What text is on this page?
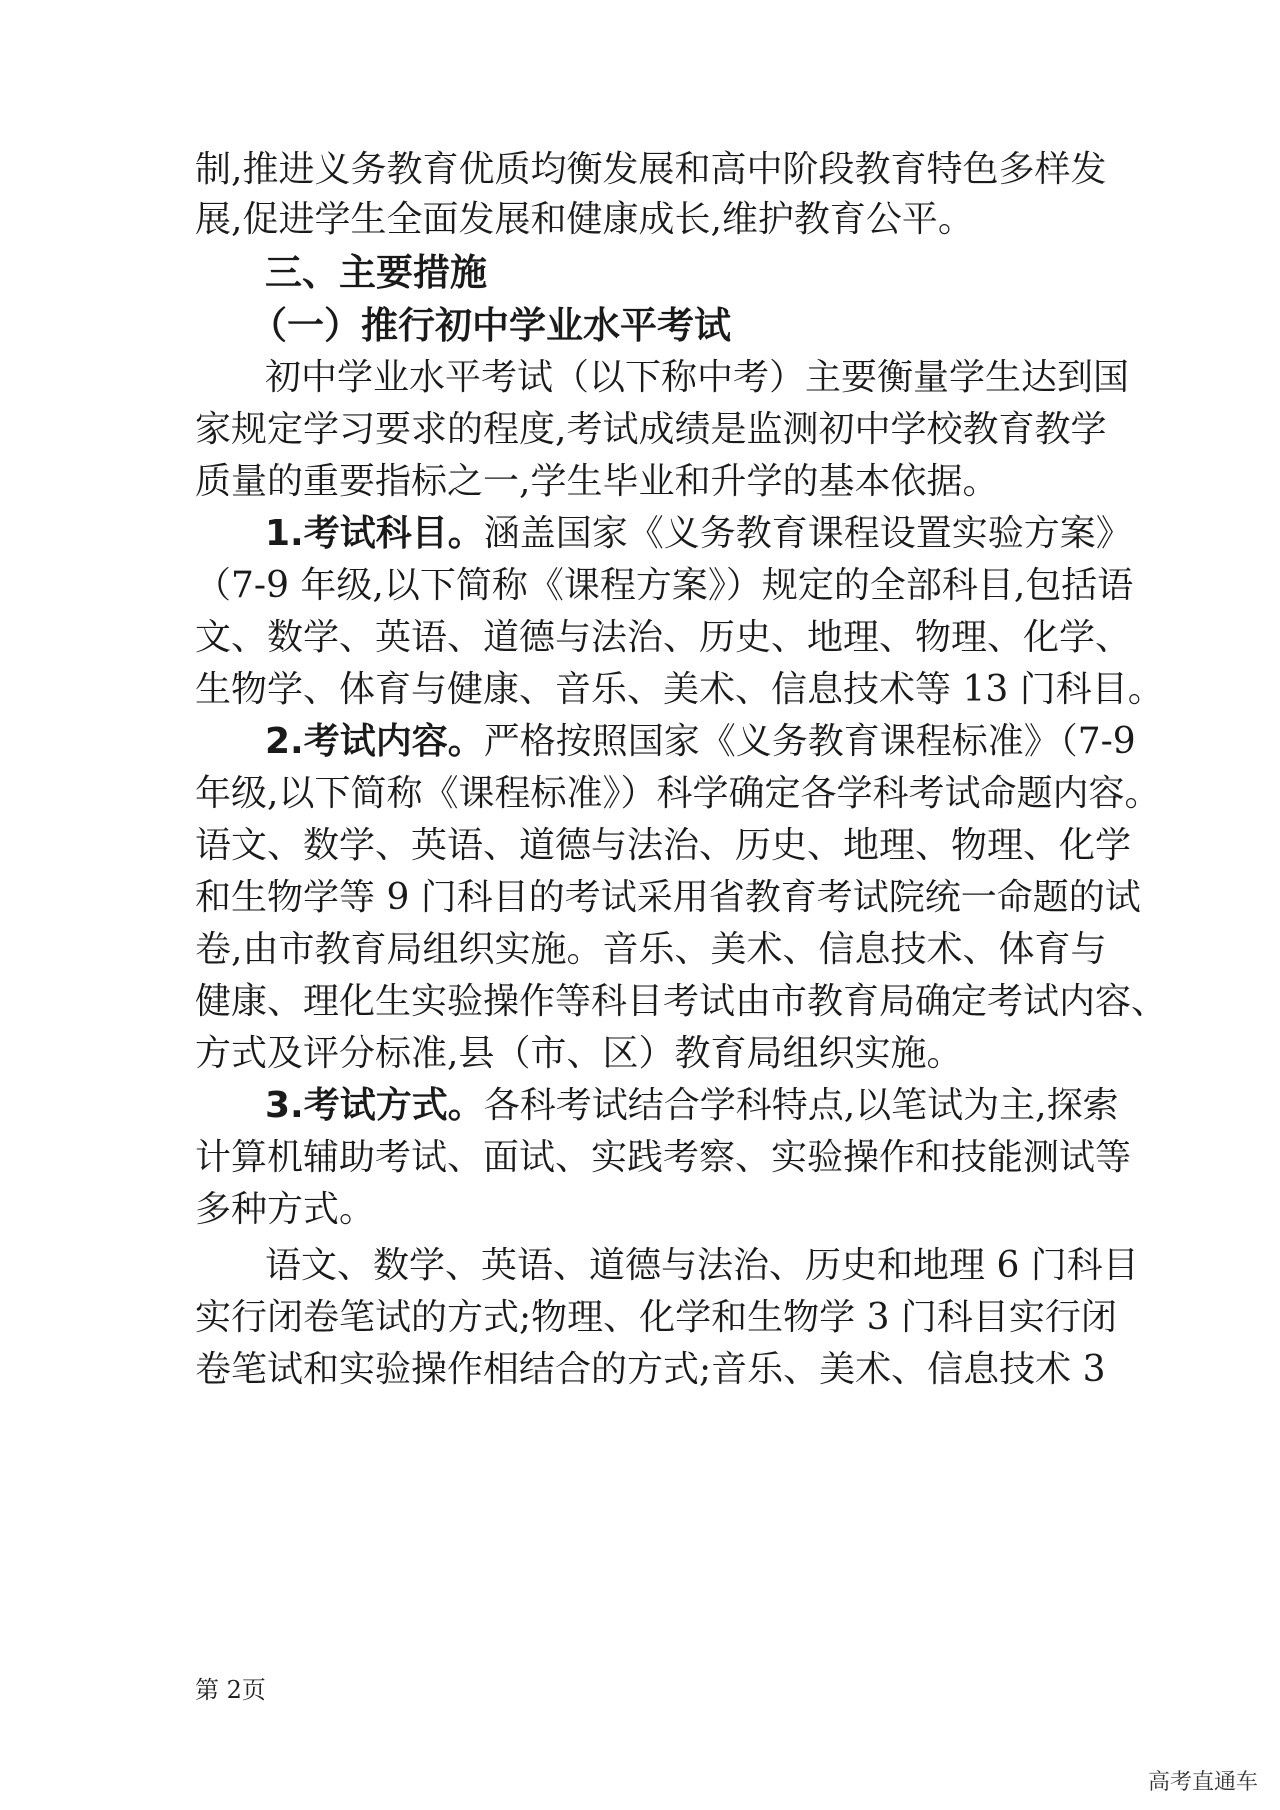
制,推进义务教育优质均衡发展和高中阶段教育特色多样发
展,促进学生全面发展和健康成长,维护教育公平。
三、主要措施
（一）推行初中学业水平考试
初中学业水平考试（以下称中考）主要衡量学生达到国
家规定学习要求的程度,考试成绩是监测初中学校教育教学
质量的重要指标之一,学生毕业和升学的基本依据。
1.考试科目。涵盖国家《义务教育课程设置实验方案》
（7-9 年级,以下简称《课程方案》）规定的全部科目,包括语
文、数学、英语、道德与法治、历史、地理、物理、化学、
生物学、体育与健康、音乐、美术、信息技术等 13 门科目。
2.考试内容。严格按照国家《义务教育课程标准》（7-9
年级,以下简称《课程标准》）科学确定各学科考试命题内容。
语文、数学、英语、道德与法治、历史、地理、物理、化学
和生物学等 9 门科目的考试采用省教育考试院统一命题的试
卷,由市教育局组织实施。音乐、美术、信息技术、体育与
健康、理化生实验操作等科目考试由市教育局确定考试内容、
方式及评分标准,县（市、区）教育局组织实施。
3.考试方式。各科考试结合学科特点,以笔试为主,探索
计算机辅助考试、面试、实践考察、实验操作和技能测试等
多种方式。
语文、数学、英语、道德与法治、历史和地理 6 门科目
实行闭卷笔试的方式;物理、化学和生物学 3 门科目实行闭
卷笔试和实验操作相结合的方式;音乐、美术、信息技术 3
第 2页
高考直通车
